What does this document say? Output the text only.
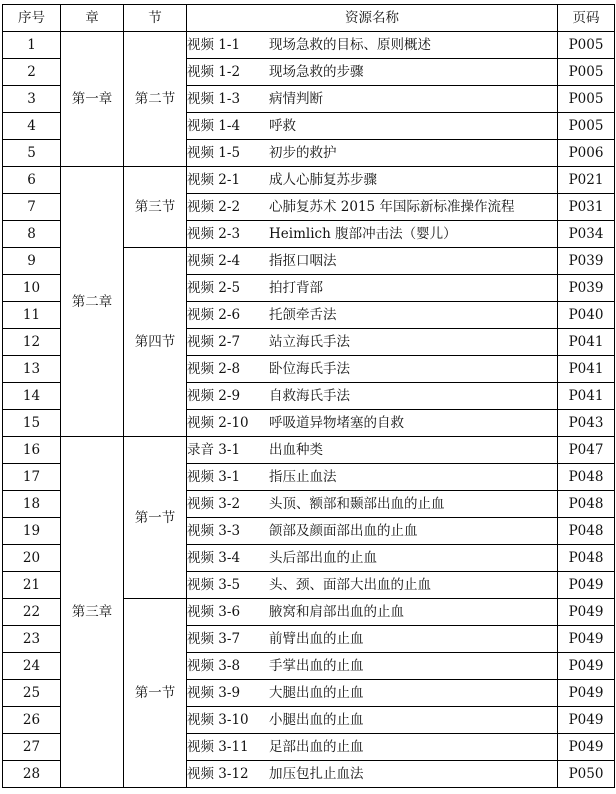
序号	章	节	资源名称	页码
1	第一章	第二节	视频 1-1 现场急救的目标、原则概述	P005
2			视频 1-2 现场急救的步骤	P005
3			视频 1-3 病情判断	P005
4			视频 1-4 呼救	P005
5			视频 1-5 初步的救护	P006
6	第二章	第三节	视频 2-1 成人心肺复苏步骤	P021
7			视频 2-2 心肺复苏术 2015 年国际新标准操作流程	P031
8			视频 2-3 Heimlich 腹部冲击法（婴儿）	P034
9		第四节	视频 2-4 指抠口咽法	P039
10			视频 2-5 拍打背部	P039
11			视频 2-6 托颌牵舌法	P040
12			视频 2-7 站立海氏手法	P041
13			视频 2-8 卧位海氏手法	P041
14			视频 2-9 自救海氏手法	P041
15			视频 2-10 呼吸道异物堵塞的自救	P043
16	第三章	第一节	录音 3-1 出血种类	P047
17			视频 3-1 指压止血法	P048
18			视频 3-2 头顶、额部和颞部出血的止血	P048
19			视频 3-3 颌部及颜面部出血的止血	P048
20			视频 3-4 头后部出血的止血	P048
21			视频 3-5 头、颈、面部大出血的止血	P049
22		第一节	视频 3-6 腋窝和肩部出血的止血	P049
23			视频 3-7 前臂出血的止血	P049
24			视频 3-8 手掌出血的止血	P049
25			视频 3-9 大腿出血的止血	P049
26			视频 3-10 小腿出血的止血	P049
27			视频 3-11 足部出血的止血	P049
28			视频 3-12 加压包扎止血法	P050
